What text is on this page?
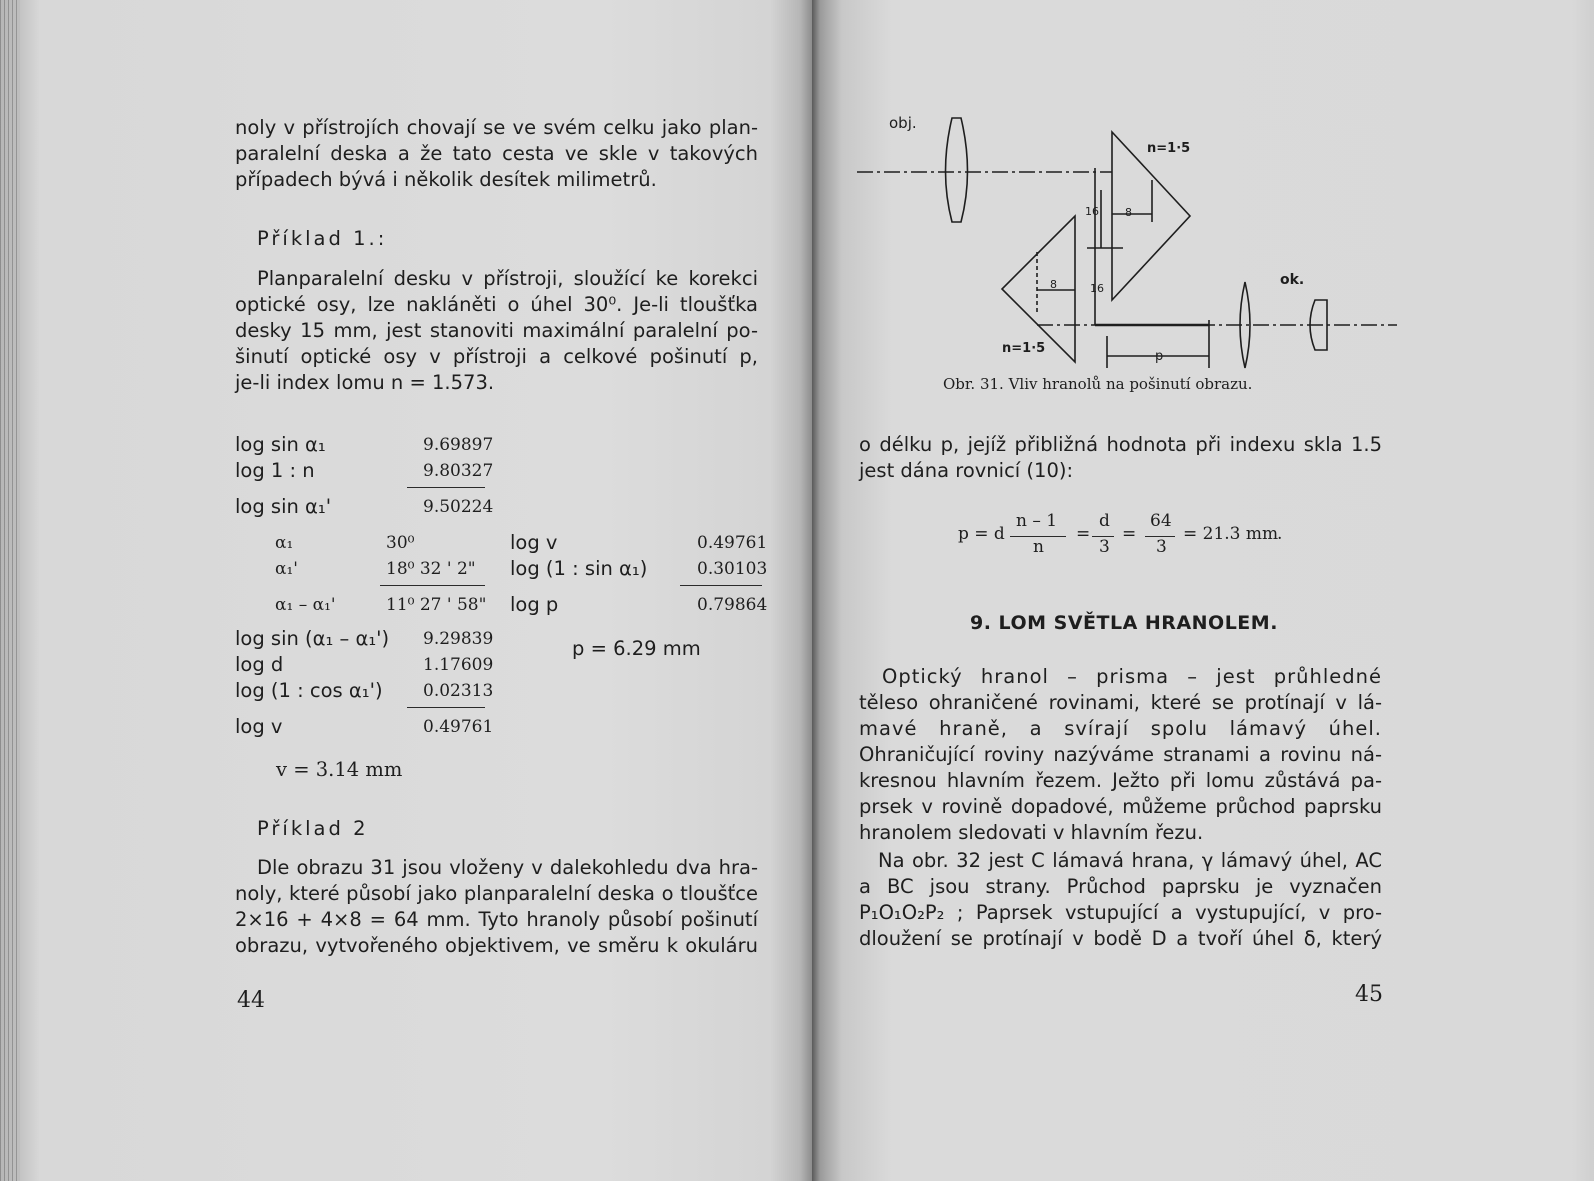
noly v přístrojích chovají se ve svém celku jako plan-
paralelní deska a že tato cesta ve skle v takových
případech bývá i několik desítek milimetrů.
Příklad 1.:
Planparalelní desku v přístroji, sloužící ke korekci
optické osy, lze nakláněti o úhel 30⁰. Je-li tloušťka
desky 15 mm, jest stanoviti maximální paralelní po-
šinutí optické osy v přístroji a celkové pošinutí p,
je-li index lomu n = 1.573.
log sin α₁	9.69897
log 1 : n	9.80327
log sin α₁'	9.50224
α₁	30⁰
α₁'	18⁰ 32 ' 2"
α₁ – α₁'	11⁰ 27 ' 58"
log v	0.49761
log (1 : sin α₁)	0.30103
log p	0.79864
p = 6.29 mm
log sin (α₁ – α₁') 9.29839
log d	1.17609
log (1 : cos α₁') 0.02313
log v	0.49761
v = 3.14 mm
Příklad 2
Dle obrazu 31 jsou vloženy v dalekohledu dva hra-
noly, které působí jako planparalelní deska o tloušťce
2×16 + 4×8 = 64 mm. Tyto hranoly působí pošinutí
obrazu, vytvořeného objektivem, ve směru k okuláru
44
obj.
n=1·5
16 8
16
8	ok.
n=1·5
p
Obr. 31. Vliv hranolů na pošinutí obrazu.
o délku p, jejíž přibližná hodnota při indexu skla 1.5
jest dána rovnicí (10):
p = d
n – 1
n
=
d
3
=
64
3
= 21.3 mm
.
9. LOM SVĚTLA HRANOLEM.
Optický hranol – prisma – jest průhledné
těleso ohraničené rovinami, které se protínají v lá-
mavé hraně, a svírají spolu lámavý úhel.
Ohraničující roviny nazýváme stranami a rovinu ná-
kresnou hlavním řezem. Ježto při lomu zůstává pa-
prsek v rovině dopadové, můžeme průchod paprsku
hranolem sledovati v hlavním řezu.
Na obr. 32 jest C lámavá hrana, γ lámavý úhel, AC
a BC jsou strany. Průchod paprsku je vyznačen
P₁O₁O₂P₂ ; Paprsek vstupující a vystupující, v pro-
dloužení se protínají v bodě D a tvoří úhel δ, který
45
